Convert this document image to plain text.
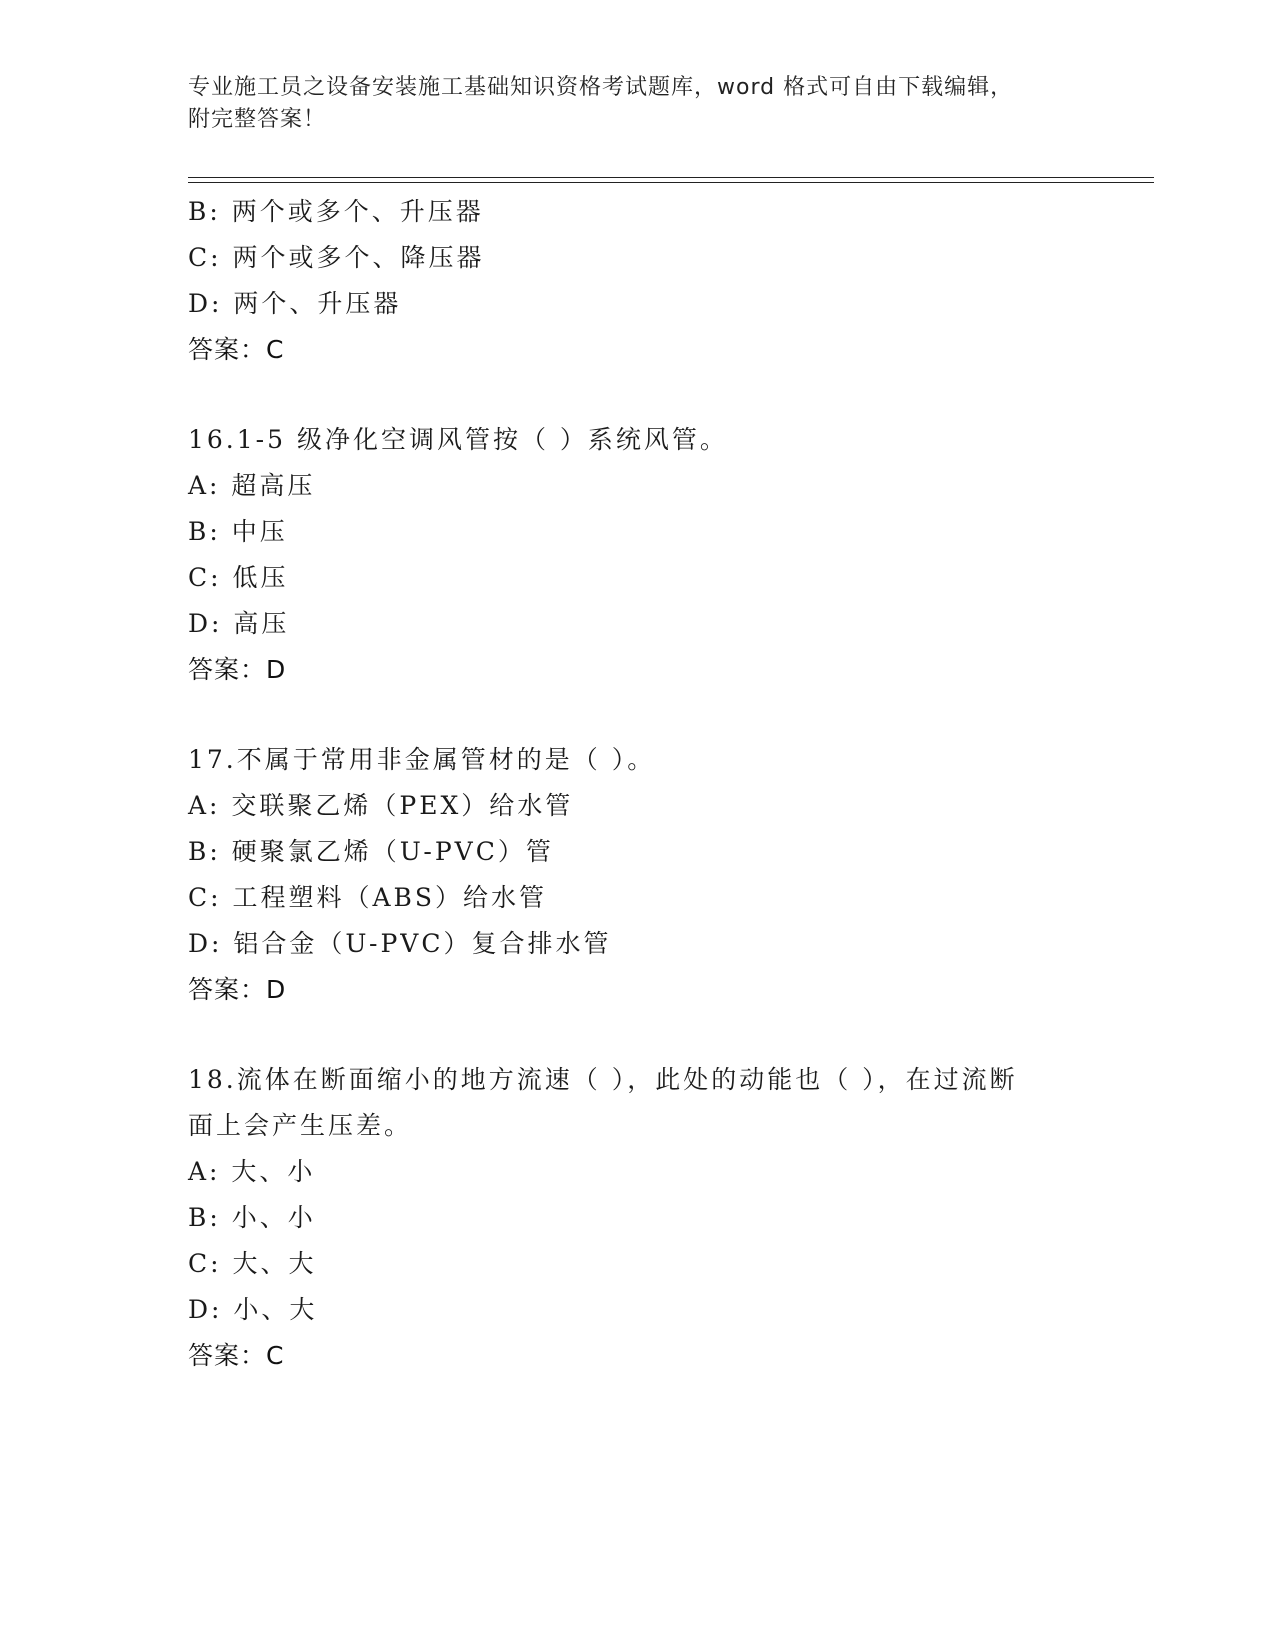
专业施工员之设备安装施工基础知识资格考试题库，word 格式可自由下载编辑，
附完整答案！
B: 两个或多个、升压器
C: 两个或多个、降压器
D: 两个、升压器
答案：C
16.1-5 级净化空调风管按（ ）系统风管。
A: 超高压
B: 中压
C: 低压
D: 高压
答案：D
17.不属于常用非金属管材的是（ ）。
A: 交联聚乙烯（PEX）给水管
B: 硬聚氯乙烯（U-PVC）管
C: 工程塑料（ABS）给水管
D: 铝合金（U-PVC）复合排水管
答案：D
18.流体在断面缩小的地方流速（ ），此处的动能也（ ），在过流断
面上会产生压差。
A: 大、小
B: 小、小
C: 大、大
D: 小、大
答案：C
